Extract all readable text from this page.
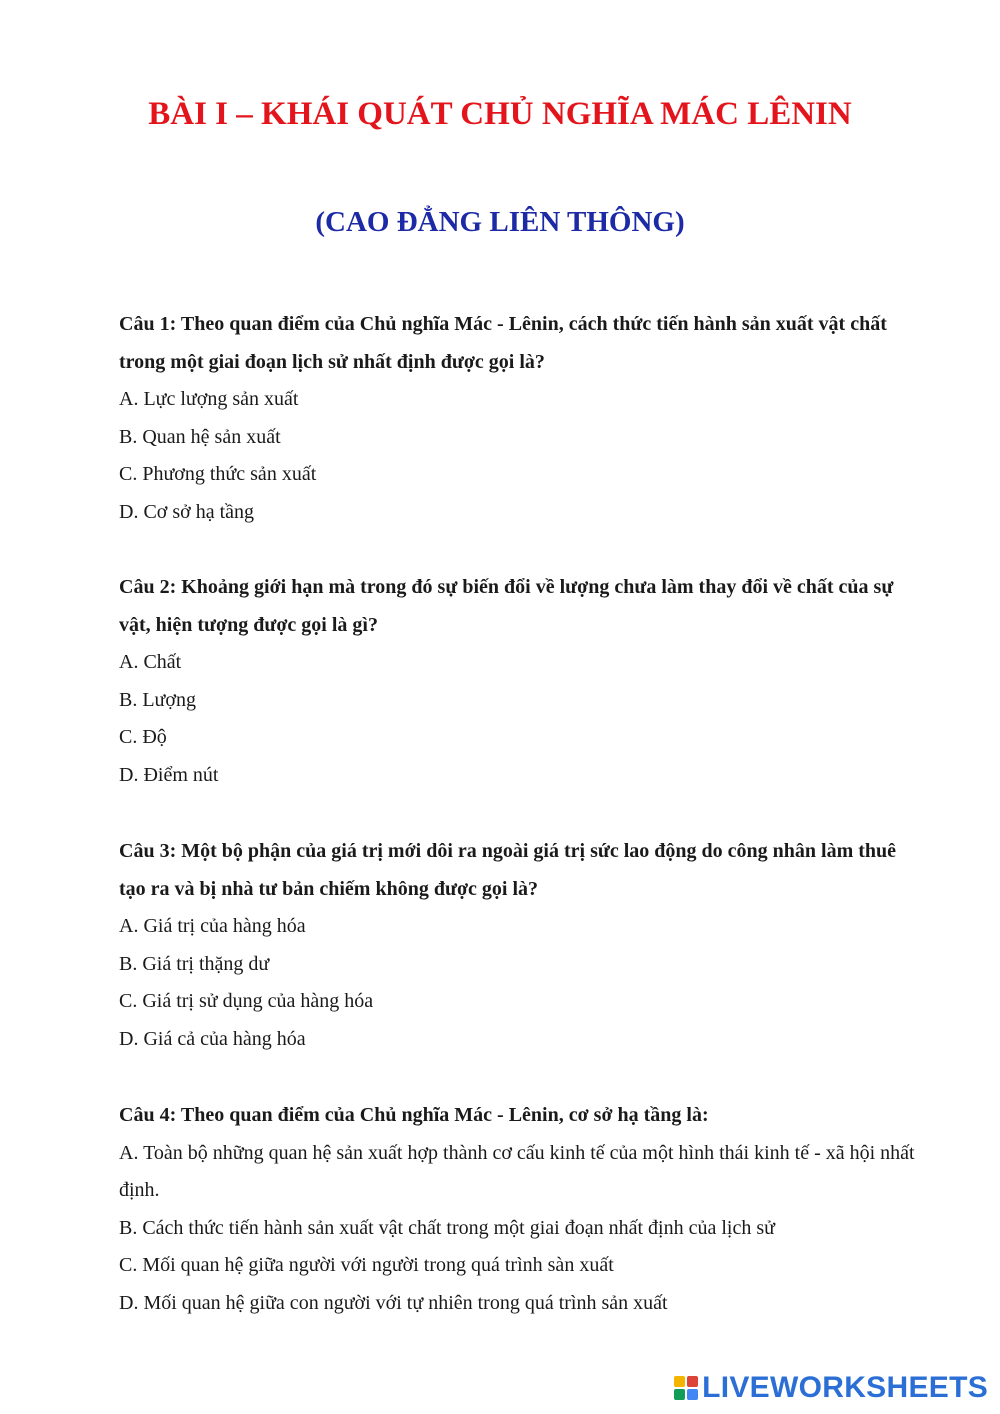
BÀI I – KHÁI QUÁT CHỦ NGHĨA MÁC LÊNIN
(CAO ĐẲNG LIÊN THÔNG)

Câu 1: Theo quan điểm của Chủ nghĩa Mác - Lênin, cách thức tiến hành sản xuất vật chất trong một giai đoạn lịch sử nhất định được gọi là?

A. Lực lượng sản xuất

B. Quan hệ sản xuất

C. Phương thức sản xuất

D. Cơ sở hạ tầng

Câu 2: Khoảng giới hạn mà trong đó sự biến đổi về lượng chưa làm thay đổi về chất của sự vật, hiện tượng được gọi là gì?

A. Chất

B. Lượng

C. Độ

D. Điểm nút

Câu 3: Một bộ phận của giá trị mới dôi ra ngoài giá trị sức lao động do công nhân làm thuê tạo ra và bị nhà tư bản chiếm không được gọi là?

A. Giá trị của hàng hóa

B. Giá trị thặng dư

C. Giá trị sử dụng của hàng hóa

D. Giá cả của hàng hóa

Câu 4: Theo quan điểm của Chủ nghĩa Mác - Lênin, cơ sở hạ tầng là:

A. Toàn bộ những quan hệ sản xuất hợp thành cơ cấu kinh tế của một hình thái kinh tế - xã hội nhất định.

B. Cách thức tiến hành sản xuất vật chất trong một giai đoạn nhất định của lịch sử

C. Mối quan hệ giữa người với người trong quá trình sàn xuất

D. Mối quan hệ giữa con người với tự nhiên trong quá trình sản xuất

LIVEWORKSHEETS
